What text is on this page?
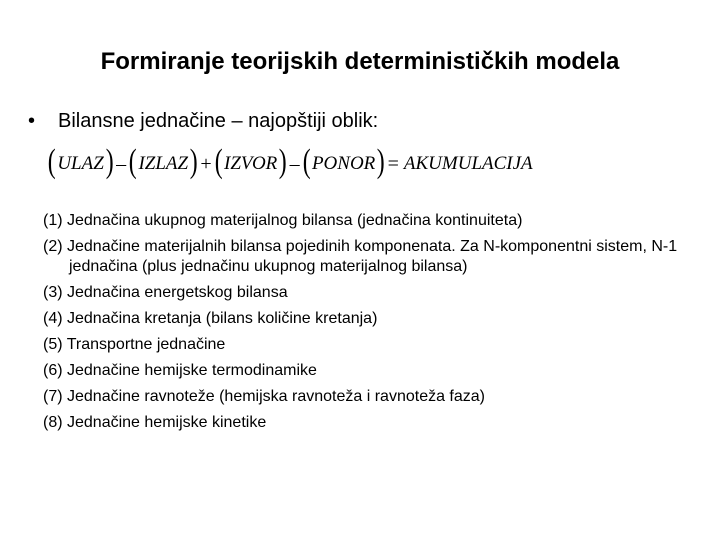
Formiranje teorijskih determinističkih modela
• Bilansne jednačine – najopštiji oblik:
( ULAZ ) – ( IZLAZ ) + ( IZVOR ) – ( PONOR ) = AKUMULACIJA
(1) Jednačina ukupnog materijalnog bilansa (jednačina kontinuiteta)
(2) Jednačine materijalnih bilansa pojedinih komponenata. Za N-komponentni sistem, N-1 jednačina (plus jednačinu ukupnog materijalnog bilansa)
(3) Jednačina energetskog bilansa
(4) Jednačina kretanja (bilans količine kretanja)
(5) Transportne jednačine
(6) Jednačine hemijske termodinamike
(7) Jednačine ravnoteže (hemijska ravnoteža i ravnoteža faza)
(8) Jednačine hemijske kinetike
